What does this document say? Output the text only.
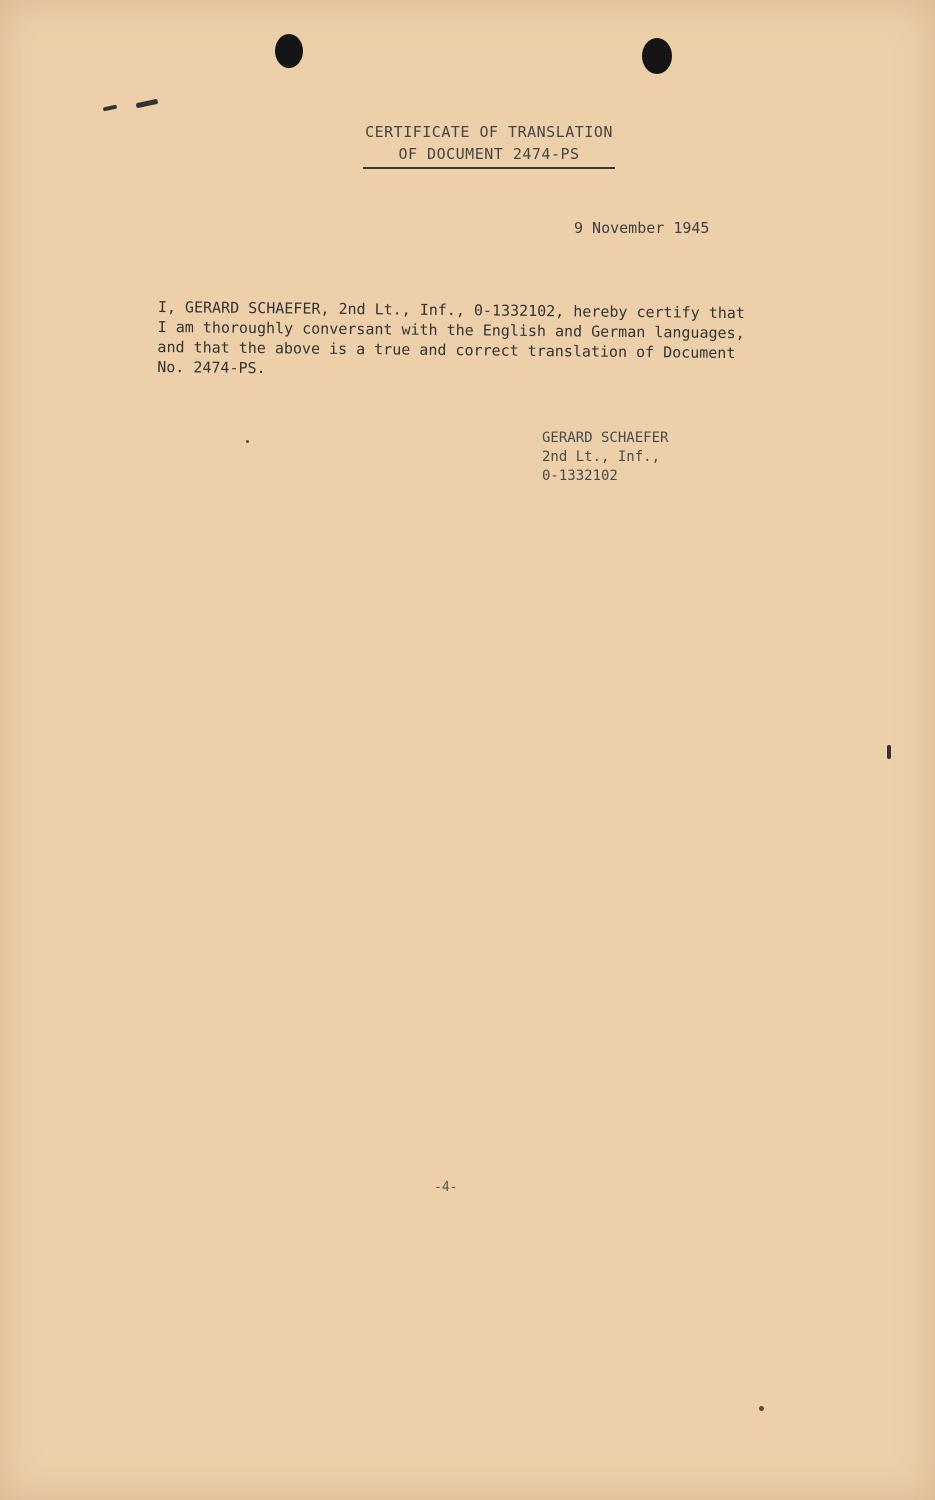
CERTIFICATE OF TRANSLATION

OF DOCUMENT 2474-PS
9 November 1945
I, GERARD SCHAEFER, 2nd Lt., Inf., 0-1332102, hereby certify that
I am thoroughly conversant with the English and German languages,
and that the above is a true and correct translation of Document
No. 2474-PS.
GERARD SCHAEFER
2nd Lt., Inf.,
0-1332102
-4-
